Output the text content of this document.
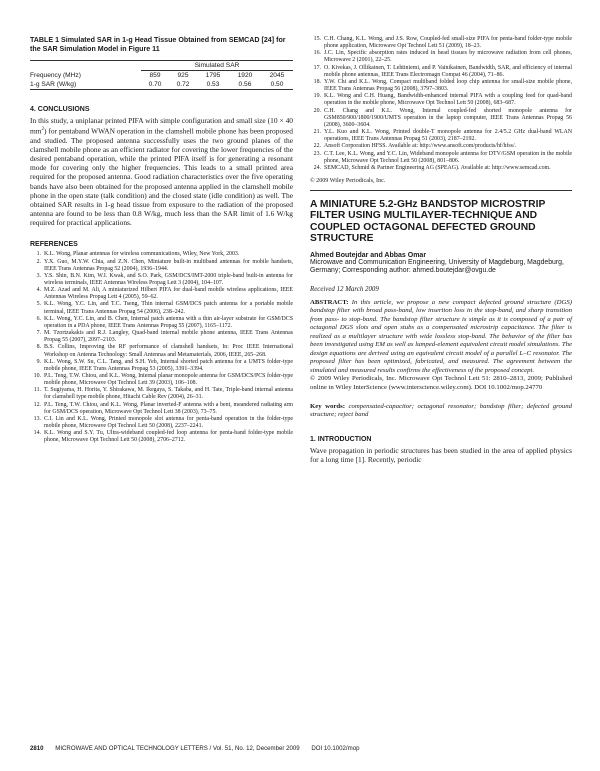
TABLE 1 Simulated SAR in 1-g Head Tissue Obtained from SEMCAD [24] for the SAR Simulation Model in Figure 11
	Simulated SAR				
Frequency (MHz)	859	925	1795	1920	2045
1-g SAR (W/kg)	0.70	0.72	0.53	0.56	0.50
4. CONCLUSIONS

In this study, a uniplanar printed PIFA with simple configuration and small size (10 × 40 $mm^2$) for pentaband WWAN operation in the clamshell mobile phone has been proposed and studied. The proposed antenna successfully uses the two ground planes of the clamshell mobile phone as an efficient radiator for covering the lower frequencies of the desired pentaband operation, while the printed PIFA itself is for generating a resonant mode for covering only the higher frequencies. This leads to a small printed area required for the proposed antenna. Good radiation characteristics over the five operating bands have also been obtained for the proposed antenna applied in the clamshell mobile phone in the open state (talk condition) and the closed state (idle condition) as well. The obtained SAR results in 1-g head tissue from exposure to the radiation of the proposed antenna are found to be less than 0.8 W/kg, much less than the SAR limit of 1.6 W/kg required for practical applications.

REFERENCES
1. K.L. Wong, Planar antennas for wireless communications, Wiley, New York, 2003.
2. Y.X. Guo, M.Y.W. Chia, and Z.N. Chen, Miniature built-in multiband antennas for mobile handsets, IEEE Trans Antennas Propag 52 (2004), 1936–1944.
3. Y.S. Shin, B.N. Kim, W.I. Kwak, and S.O. Park, GSM/DCS/IMT-2000 triple-band built-in antenna for wireless terminals, IEEE Antennas Wireless Propag Lett 3 (2004), 104–107.
4. M.Z. Azad and M. Ali, A miniaturized Hilbert PIFA for dual-band mobile wireless applications, IEEE Antennas Wireless Propag Lett 4 (2005), 59–62.
5. K.L. Wong, Y.C. Lin, and T.C. Tseng, Thin internal GSM/DCS patch antenna for a portable mobile terminal, IEEE Trans Antennas Propag 54 (2006), 238–242.
6. K.L. Wong, Y.C. Lin, and B. Chen, Internal patch antenna with a thin air-layer substrate for GSM/DCS operation in a PDA phone, IEEE Trans Antennas Propag 55 (2007), 1165–1172.
7. M. Tzortzakakis and R.J. Langley, Quad-band internal mobile phone antenna, IEEE Trans Antennas Propag 55 (2007), 2097–2103.
8. B.S. Collins, Improving the RF performance of clamshell handsets, In: Proc IEEE International Workshop on Antenna Technology: Small Antennas and Metamaterials, 2006, IEEE, 265–268.
9. K.L. Wong, S.W. Su, C.L. Tang, and S.H. Yeh, Internal shorted patch antenna for a UMTS folder-type mobile phone, IEEE Trans Antennas Propag 53 (2005), 3391–3394.
10. P.L. Teng, T.W. Chiou, and K.L. Wong, Internal planar monopole antenna for GSM/DCS/PCS folder-type mobile phone, Microwave Opt Technol Lett 39 (2003), 106–108.
11. T. Sugiyama, H. Horita, Y. Shirakawa, M. Ikegaya, S. Takaba, and H. Tate, Triple-band internal antenna for clamshell type mobile phone, Hitachi Cable Rev (2004), 26–31.
12. P.L. Teng, T.W. Chiou, and K.L. Wong, Planar inverted-F antenna with a bent, meandered radiating arm for GSM/DCS operation, Microwave Opt Technol Lett 38 (2003), 73–75.
13. C.I. Lin and K.L. Wong, Printed monopole slot antenna for penta-band operation in the folder-type mobile phone, Microwave Opt Technol Lett 50 (2008), 2237–2241.
14. K.L. Wong and S.Y. Tu, Ultra-wideband coupled-fed loop antenna for penta-band folder-type mobile phone, Microwave Opt Technol Lett 50 (2008), 2706–2712.
15. C.H. Chang, K.L. Wong, and J.S. Row, Coupled-fed small-size PIFA for penta-band folder-type mobile phone application, Microwave Opt Technol Lett 51 (2009), 18–23.
16. J.C. Lin, Specific absorption rates induced in head tissues by microwave radiation from cell phones, Microwave 2 (2001), 22–25.
17. O. Kivekas, J. Ollikainen, T. Lehtiniemi, and P. Vainikainen, Bandwidth, SAR, and efficiency of internal mobile phone antennas, IEEE Trans Electromagn Compat 46 (2004), 71–86.
18. Y.W. Chi and K.L. Wong, Compact multiband folded loop chip antenna for small-size mobile phone, IEEE Trans Antennas Propag 56 (2008), 3797–3803.
19. K.L. Wong and C.H. Huang, Bandwidth-enhanced internal PIFA with a coupling feed for quad-band operation in the mobile phone, Microwave Opt Technol Lett 50 (2008), 683–687.
20. C.H. Chang and K.L. Wong, Internal coupled-fed shorted monopole antenna for GSM850/900/1800/1900/UMTS operation in the laptop computer, IEEE Trans Antennas Propag 56 (2008), 3600–3604.
21. Y.L. Kuo and K.L. Wong, Printed double-T monopole antenna for 2.4/5.2 GHz dual-band WLAN operations, IEEE Trans Antennas Propag 51 (2003), 2187–2192.
22. Ansoft Corporation HFSS. Available at: http://www.ansoft.com/products/hf/hfss/.
23. C.T. Lee, K.L. Wong, and Y.C. Lin, Wideband monopole antenna for DTV/GSM operation in the mobile phone, Microwave Opt Technol Lett 50 (2008), 801–806.
24. SEMCAD, Schmid & Partner Engineering AG (SPEAG). Available at: http://www.semcad.com.
© 2009 Wiley Periodicals, Inc.
A MINIATURE 5.2-GHz BANDSTOP MICROSTRIP FILTER USING MULTILAYER-TECHNIQUE AND COUPLED OCTAGONAL DEFECTED GROUND STRUCTURE
Ahmed Boutejdar and Abbas Omar
Microwave and Communication Engineering, University of Magdeburg, Magdeburg, Germany; Corresponding author: ahmed.boutejdar@ovgu.de
Received 12 March 2009

ABSTRACT: In this article, we propose a new compact defected ground structure (DGS) bandstop filter with broad pass-band, low insertion loss in the stop-band, and sharp transition from pass- to stop-band. The bandstop filter structure is simple as it is composed of a pair of octagonal DGS slots and open stubs as a compensated microstrip capacitance. The filter is realized as a multilayer structure with wide lossless stop-band. The behavior of the filter has been investigated using EM as well as lumped-element equivalent circuit model simulations. The design equations are derived using an equivalent circuit model of a parallel L–C resonator. The proposed filter has been optimized, fabricated, and measured. The agreement between the simulated and measured results confirms the effectiveness of the proposed concept.
© 2009 Wiley Periodicals, Inc. Microwave Opt Technol Lett 51: 2810–2813, 2009; Published online in Wiley InterScience (www.interscience.wiley.com). DOI 10.1002/mop.24770

Key words: compensated-capacitor; octagonal resonator; bandstop filter; defected ground structure; reject band

1. INTRODUCTION

Wave propagation in periodic structures has been studied in the area of applied physics for a long time [1]. Recently, periodic

2810 MICROWAVE AND OPTICAL TECHNOLOGY LETTERS / Vol. 51, No. 12, December 2009 DOI 10.1002/mop
